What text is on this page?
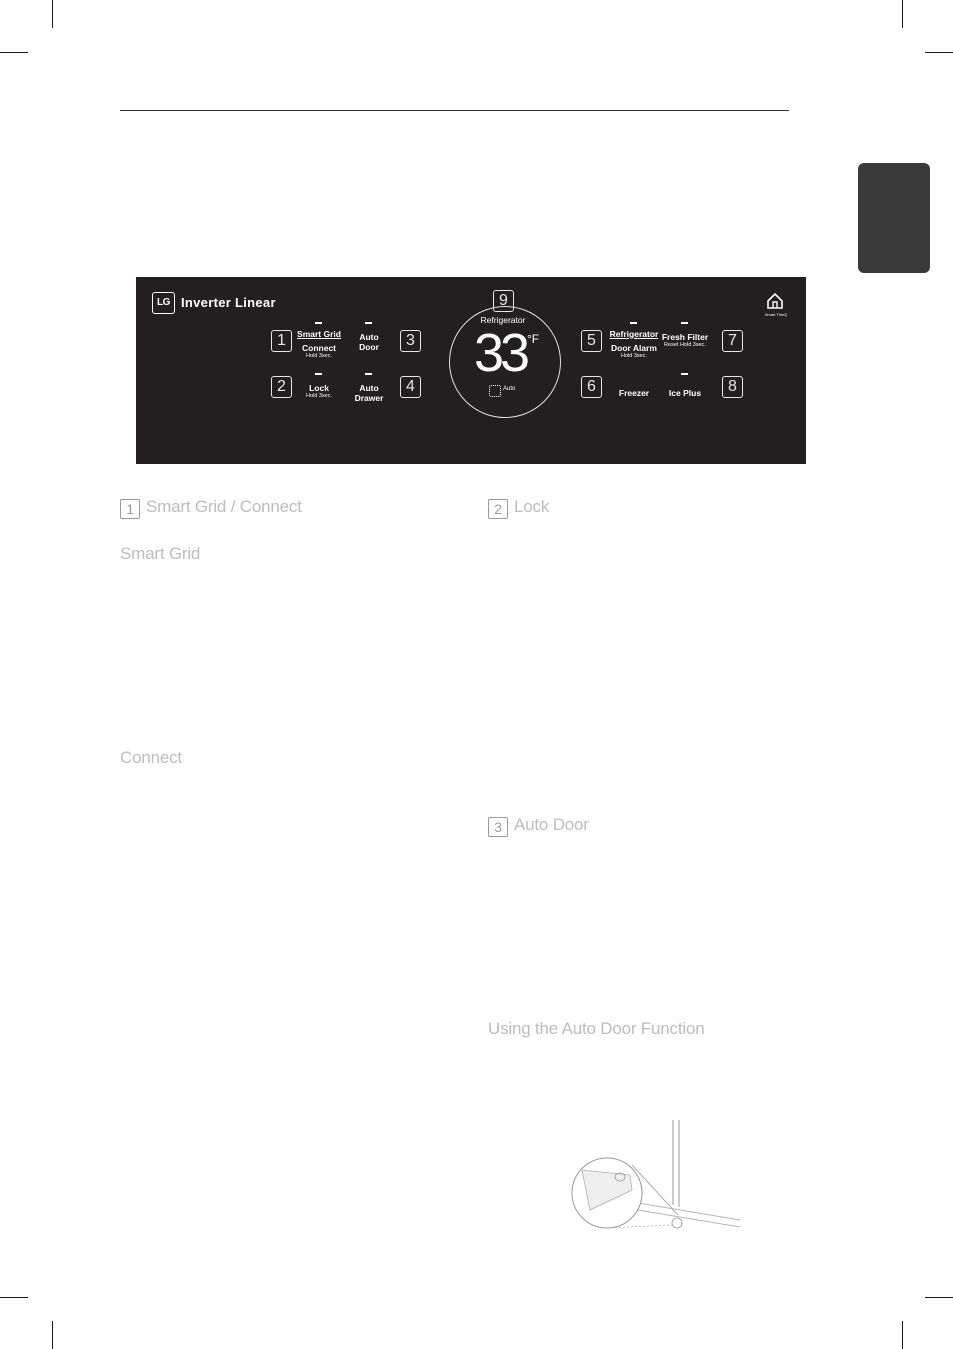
LG Inverter Linear
1	Smart Grid
Connect
Hold 3sec.
2	Lock
Hold 3sec.
Auto
Door	3
Auto
Drawer
4
9
Refrigerator
33 °F
Auto
5	Refrigerator
Door Alarm
Hold 3sec.
6	Freezer
Fresh Filter
Reset Hold 3sec.	7
Ice Plus	8
Smart ThinQ
1 Smart Grid / Connect
Smart Grid
Connect
2 Lock
3 Auto Door
Using the Auto Door Function
